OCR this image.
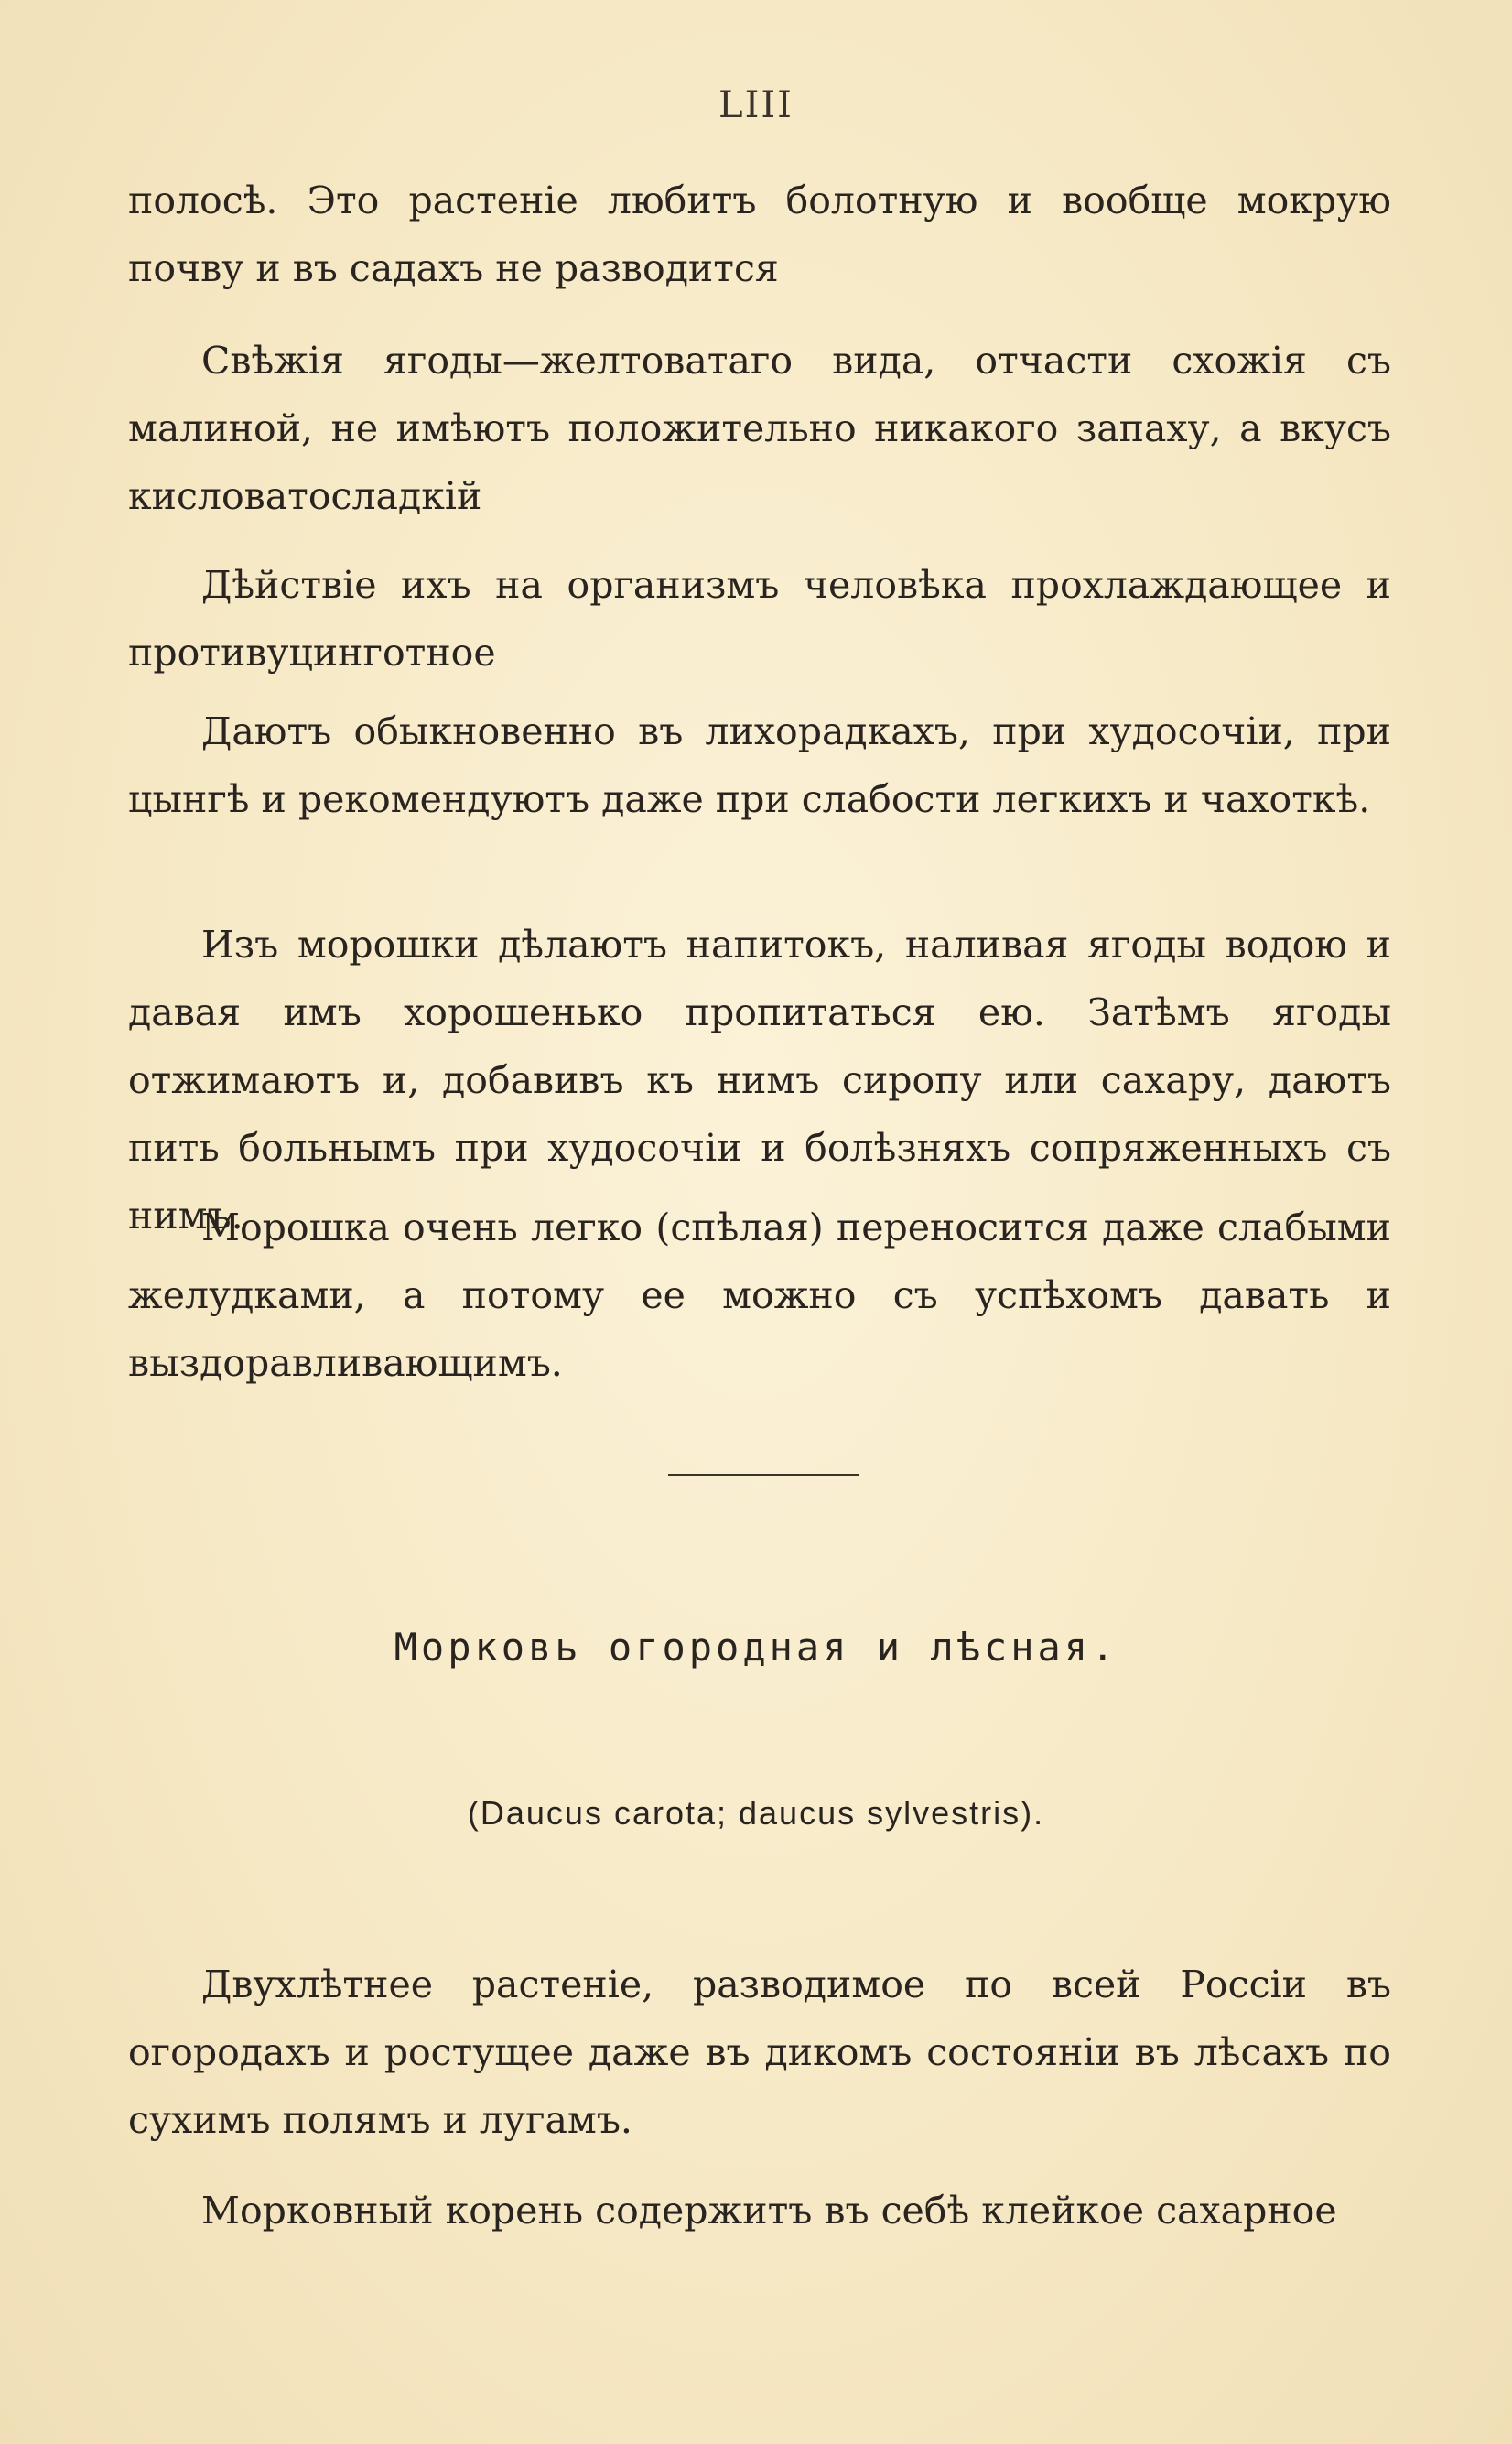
LIII

полосѣ. Это растеніе любитъ болотную и вообще мокрую почву и въ садахъ не разводится

Свѣжія ягоды—желтоватаго вида, отчасти схожія съ малиной, не имѣютъ положительно никакого запаху, а вкусъ кисловатосладкій

Дѣйствіе ихъ на организмъ человѣка прохлаждающее и противуцинготное

Даютъ обыкновенно въ лихорадкахъ, при худосочіи, при цынгѣ и рекомендуютъ даже при слабости легкихъ и чахоткѣ.

Изъ морошки дѣлаютъ напитокъ, наливая ягоды водою и давая имъ хорошенько пропитаться ею. Затѣмъ ягоды отжимаютъ и, добавивъ къ нимъ сиропу или сахару, даютъ пить больнымъ при худосочіи и болѣзняхъ сопряженныхъ съ нимъ.

Морошка очень легко (спѣлая) переносится даже слабыми желудками, а потому ее можно съ успѣхомъ давать и выздоравливающимъ.

Морковь огородная и лѣсная.
(Daucus carota; daucus sylvestris).

Двухлѣтнее растеніе, разводимое по всей Россіи въ огородахъ и ростущее даже въ дикомъ состояніи въ лѣсахъ по сухимъ полямъ и лугамъ.

Морковный корень содержитъ въ себѣ клейкое сахарное
